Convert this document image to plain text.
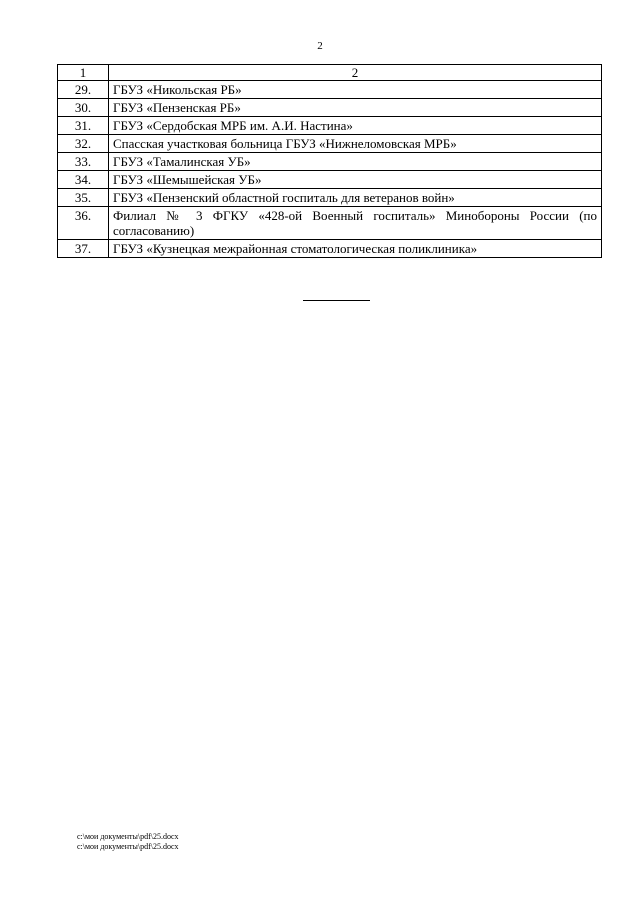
2
1	2
29.	ГБУЗ «Никольская РБ»
30.	ГБУЗ «Пензенская РБ»
31.	ГБУЗ «Сердобская МРБ им. А.И. Настина»
32.	Спасская участковая больница ГБУЗ «Нижнеломовская МРБ»
33.	ГБУЗ «Тамалинская УБ»
34.	ГБУЗ «Шемышейская УБ»
35.	ГБУЗ «Пензенский областной госпиталь для ветеранов войн»
36.	Филиал № 3 ФГКУ «428-ой Военный госпиталь» Минобороны России (по согласованию)
37.	ГБУЗ «Кузнецкая межрайонная стоматологическая поликлиника»
c:\мои документы\pdf\25.docx
c:\мои документы\pdf\25.docx
